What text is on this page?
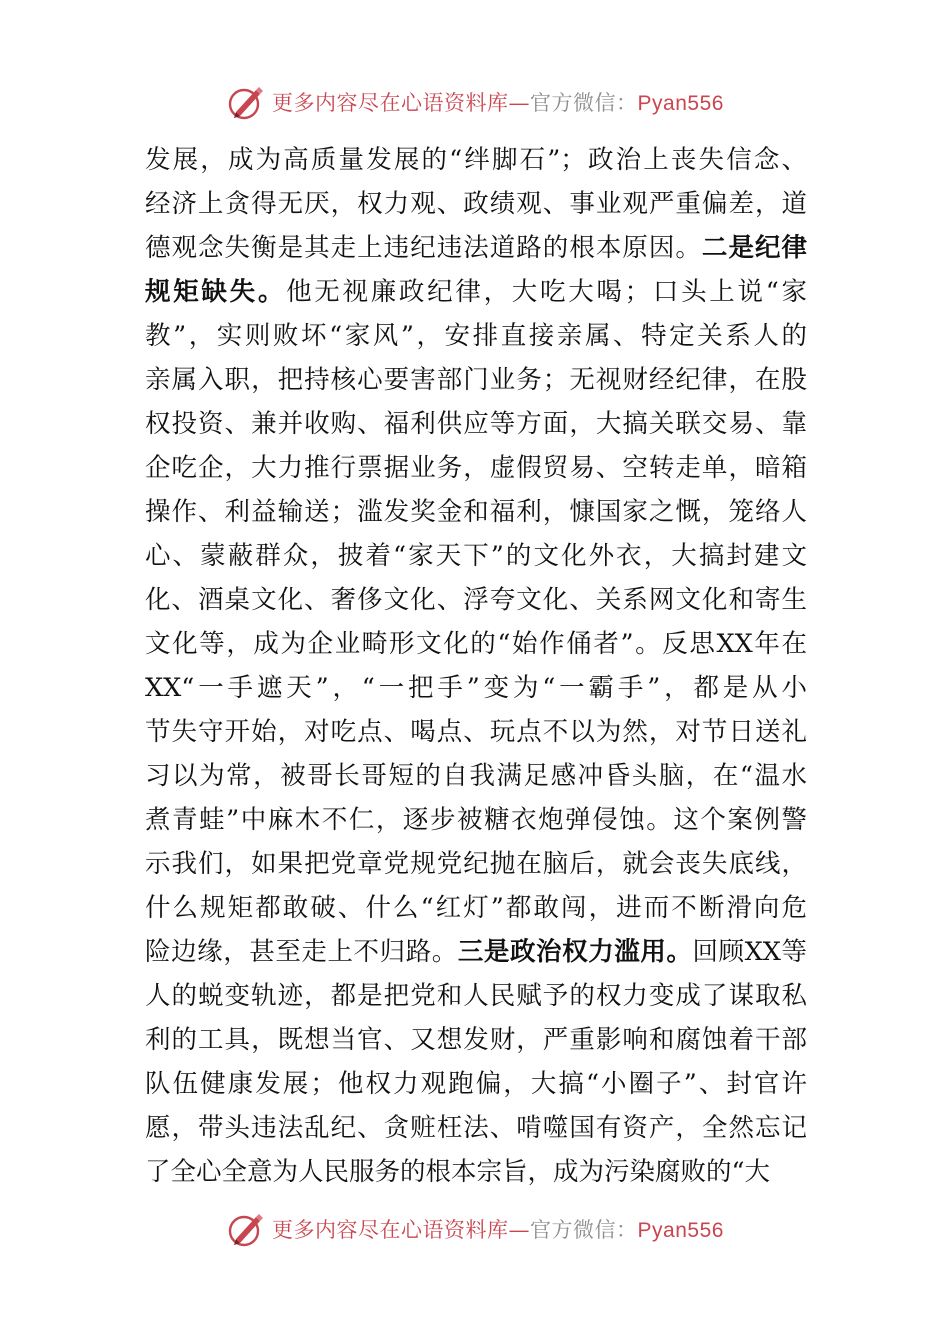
更多内容尽在心语资料库—官方微信：Pyan556
发展，成为高质量发展的“绊脚石”；政治上丧失信念、
经济上贪得无厌，权力观、政绩观、事业观严重偏差，道
德观念失衡是其走上违纪违法道路的根本原因。二是纪律
规矩缺失。他无视廉政纪律，大吃大喝；口头上说“家
教”，实则败坏“家风”，安排直接亲属、特定关系人的
亲属入职，把持核心要害部门业务；无视财经纪律，在股
权投资、兼并收购、福利供应等方面，大搞关联交易、靠
企吃企，大力推行票据业务，虚假贸易、空转走单，暗箱
操作、利益输送；滥发奖金和福利，慷国家之慨，笼络人
心、蒙蔽群众，披着“家天下”的文化外衣，大搞封建文
化、酒桌文化、奢侈文化、浮夸文化、关系网文化和寄生
文化等，成为企业畸形文化的“始作俑者”。反思XX年在
XX“一手遮天”，“一把手”变为“一霸手”，都是从小
节失守开始，对吃点、喝点、玩点不以为然，对节日送礼
习以为常，被哥长哥短的自我满足感冲昏头脑，在“温水
煮青蛙”中麻木不仁，逐步被糖衣炮弹侵蚀。这个案例警
示我们，如果把党章党规党纪抛在脑后，就会丧失底线，
什么规矩都敢破、什么“红灯”都敢闯，进而不断滑向危
险边缘，甚至走上不归路。三是政治权力滥用。回顾XX等
人的蜕变轨迹，都是把党和人民赋予的权力变成了谋取私
利的工具，既想当官、又想发财，严重影响和腐蚀着干部
队伍健康发展；他权力观跑偏，大搞“小圈子”、封官许
愿，带头违法乱纪、贪赃枉法、啃噬国有资产，全然忘记
了全心全意为人民服务的根本宗旨，成为污染腐败的“大
更多内容尽在心语资料库—官方微信：Pyan556
